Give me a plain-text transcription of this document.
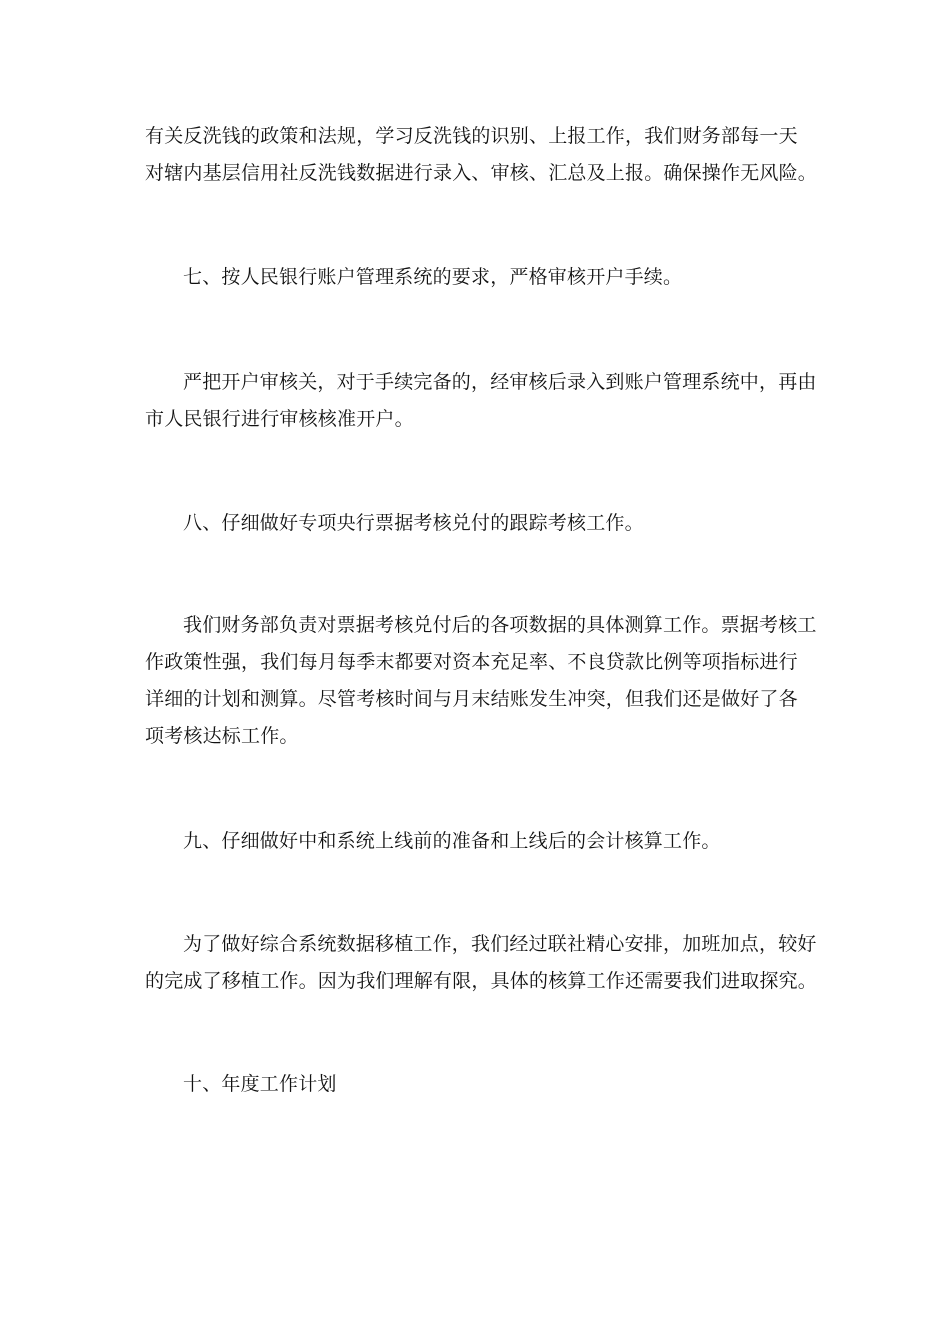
有关反洗钱的政策和法规，学习反洗钱的识别、上报工作，我们财务部每一天
对辖内基层信用社反洗钱数据进行录入、审核、汇总及上报。确保操作无风险。

七、按人民银行账户管理系统的要求，严格审核开户手续。

严把开户审核关，对于手续完备的，经审核后录入到账户管理系统中，再由
市人民银行进行审核核准开户。

八、仔细做好专项央行票据考核兑付的跟踪考核工作。

我们财务部负责对票据考核兑付后的各项数据的具体测算工作。票据考核工
作政策性强，我们每月每季末都要对资本充足率、不良贷款比例等项指标进行
详细的计划和测算。尽管考核时间与月末结账发生冲突，但我们还是做好了各
项考核达标工作。

九、仔细做好中和系统上线前的准备和上线后的会计核算工作。

为了做好综合系统数据移植工作，我们经过联社精心安排，加班加点，较好
的完成了移植工作。因为我们理解有限，具体的核算工作还需要我们进取探究。

十、年度工作计划
